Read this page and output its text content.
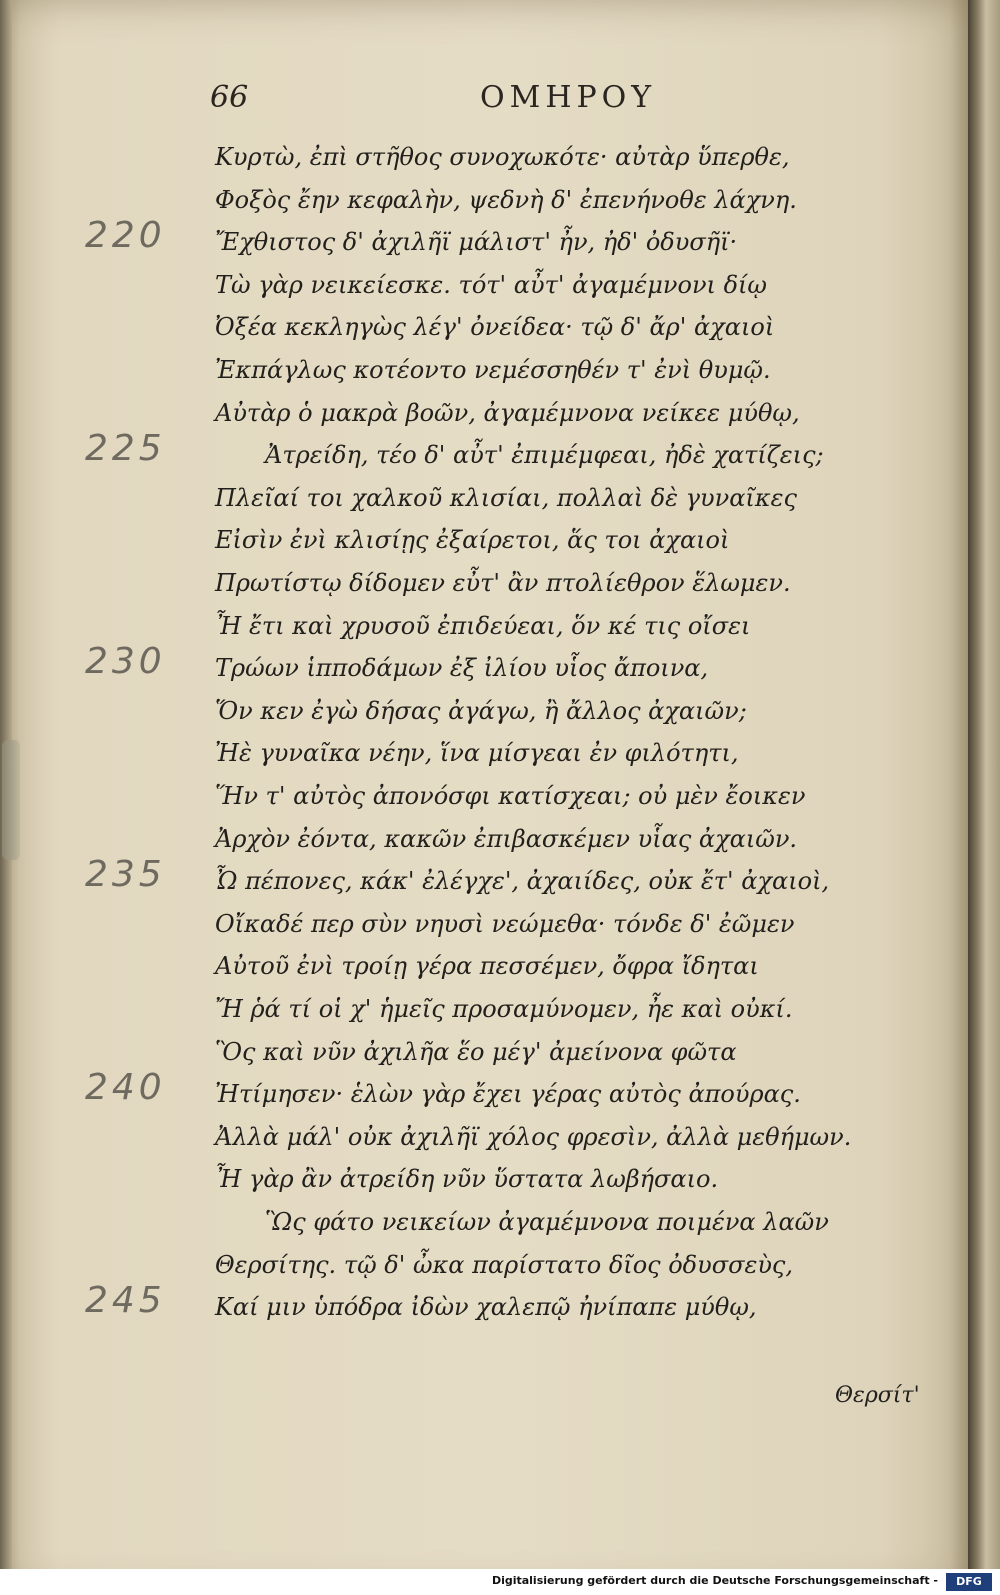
66	ΟΜΗΡΟΥ
Κυρτὼ, ἐπὶ στῆθος συνοχωκότε· αὐτὰρ ὕπερθε,
Φοξὸς ἔην κεφαλὴν, ψεδνὴ δ' ἐπενήνοθε λάχνη.
220	Ἔχθιστος δ' ἀχιλῆϊ μάλιστ' ἦν, ἠδ' ὀδυσῆϊ·
Τὼ γὰρ νεικείεσκε. τότ' αὖτ' ἀγαμέμνονι δίῳ
Ὀξέα κεκληγὼς λέγ' ὀνείδεα· τῷ δ' ἄρ' ἀχαιοὶ
Ἐκπάγλως κοτέοντο νεμέσσηθέν τ' ἐνὶ θυμῷ.
Αὐτὰρ ὁ μακρὰ βοῶν, ἀγαμέμνονα νείκεε μύθῳ,
225	Ἀτρείδη, τέο δ' αὖτ' ἐπιμέμφεαι, ἠδὲ χατίζεις;
Πλεῖαί τοι χαλκοῦ κλισίαι, πολλαὶ δὲ γυναῖκες
Εἰσὶν ἐνὶ κλισίῃς ἐξαίρετοι, ἅς τοι ἀχαιοὶ
Πρωτίστῳ δίδομεν εὖτ' ἂν πτολίεθρον ἕλωμεν.
Ἦ ἔτι καὶ χρυσοῦ ἐπιδεύεαι, ὅν κέ τις οἴσει
230	Τρώων ἱπποδάμων ἐξ ἰλίου υἷος ἄποινα,
Ὅν κεν ἐγὼ δήσας ἀγάγω, ἢ ἄλλος ἀχαιῶν;
Ἠὲ γυναῖκα νέην, ἵνα μίσγεαι ἐν φιλότητι,
Ἥν τ' αὐτὸς ἀπονόσφι κατίσχεαι; οὐ μὲν ἔοικεν
Ἀρχὸν ἐόντα, κακῶν ἐπιβασκέμεν υἷας ἀχαιῶν.
235	Ὦ πέπονες, κάκ' ἐλέγχε', ἀχαιίδες, οὐκ ἔτ' ἀχαιοὶ,
Οἴκαδέ περ σὺν νηυσὶ νεώμεθα· τόνδε δ' ἐῶμεν
Αὐτοῦ ἐνὶ τροίῃ γέρα πεσσέμεν, ὄφρα ἴδηται
Ἤ ῥά τί οἱ χ' ἡμεῖς προσαμύνομεν, ἦε καὶ οὐκί.
Ὃς καὶ νῦν ἀχιλῆα ἕο μέγ' ἀμείνονα φῶτα
240	Ἠτίμησεν· ἑλὼν γὰρ ἔχει γέρας αὐτὸς ἀπούρας.
Ἀλλὰ μάλ' οὐκ ἀχιλῆϊ χόλος φρεσὶν, ἀλλὰ μεθήμων.
Ἦ γὰρ ἂν ἀτρείδη νῦν ὕστατα λωβήσαιο.
Ὣς φάτο νεικείων ἀγαμέμνονα ποιμένα λαῶν
Θερσίτης. τῷ δ' ὦκα παρίστατο δῖος ὀδυσσεὺς,
245	Καί μιν ὑπόδρα ἰδὼν χαλεπῷ ἠνίπαπε μύθῳ,
Θερσίτ'
Digitalisierung gefördert durch die Deutsche Forschungsgemeinschaft -	DFG
